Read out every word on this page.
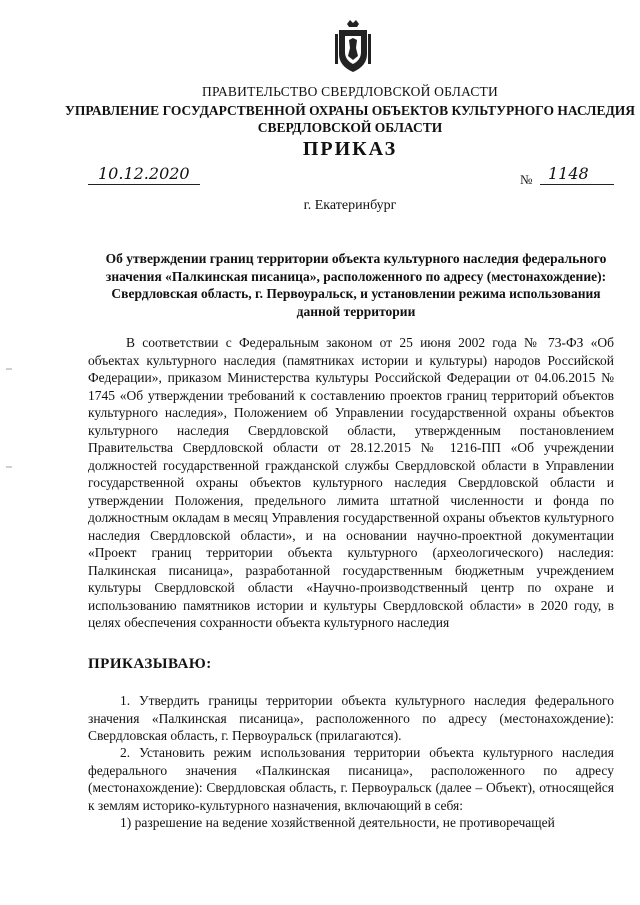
ПРАВИТЕЛЬСТВО СВЕРДЛОВСКОЙ ОБЛАСТИ
УПРАВЛЕНИЕ ГОСУДАРСТВЕННОЙ ОХРАНЫ ОБЪЕКТОВ КУЛЬТУРНОГО НАСЛЕДИЯ СВЕРДЛОВСКОЙ ОБЛАСТИ
ПРИКАЗ
10.12.2020	№ 1148
г. Екатеринбург
Об утверждении границ территории объекта культурного наследия федерального значения «Палкинская писаница», расположенного по адресу (местонахождение): Свердловская область, г. Первоуральск, и установлении режима использования данной территории
В соответствии с Федеральным законом от 25 июня 2002 года № 73-ФЗ «Об объектах культурного наследия (памятниках истории и культуры) народов Российской Федерации», приказом Министерства культуры Российской Федерации от 04.06.2015 № 1745 «Об утверждении требований к составлению проектов границ территорий объектов культурного наследия», Положением об Управлении государственной охраны объектов культурного наследия Свердловской области, утвержденным постановлением Правительства Свердловской области от 28.12.2015 № 1216-ПП «Об учреждении должностей государственной гражданской службы Свердловской области в Управлении государственной охраны объектов культурного наследия Свердловской области и утверждении Положения, предельного лимита штатной численности и фонда по должностным окладам в месяц Управления государственной охраны объектов культурного наследия Свердловской области», и на основании научно-проектной документации «Проект границ территории объекта культурного (археологического) наследия: Палкинская писаница», разработанной государственным бюджетным учреждением культуры Свердловской области «Научно-производственный центр по охране и использованию памятников истории и культуры Свердловской области» в 2020 году, в целях обеспечения сохранности объекта культурного наследия
ПРИКАЗЫВАЮ:
1. Утвердить границы территории объекта культурного наследия федерального значения «Палкинская писаница», расположенного по адресу (местонахождение): Свердловская область, г. Первоуральск (прилагаются).
2. Установить режим использования территории объекта культурного наследия федерального значения «Палкинская писаница», расположенного по адресу (местонахождение): Свердловская область, г. Первоуральск (далее – Объект), относящейся к землям историко-культурного назначения, включающий в себя:
1) разрешение на ведение хозяйственной деятельности, не противоречащей
